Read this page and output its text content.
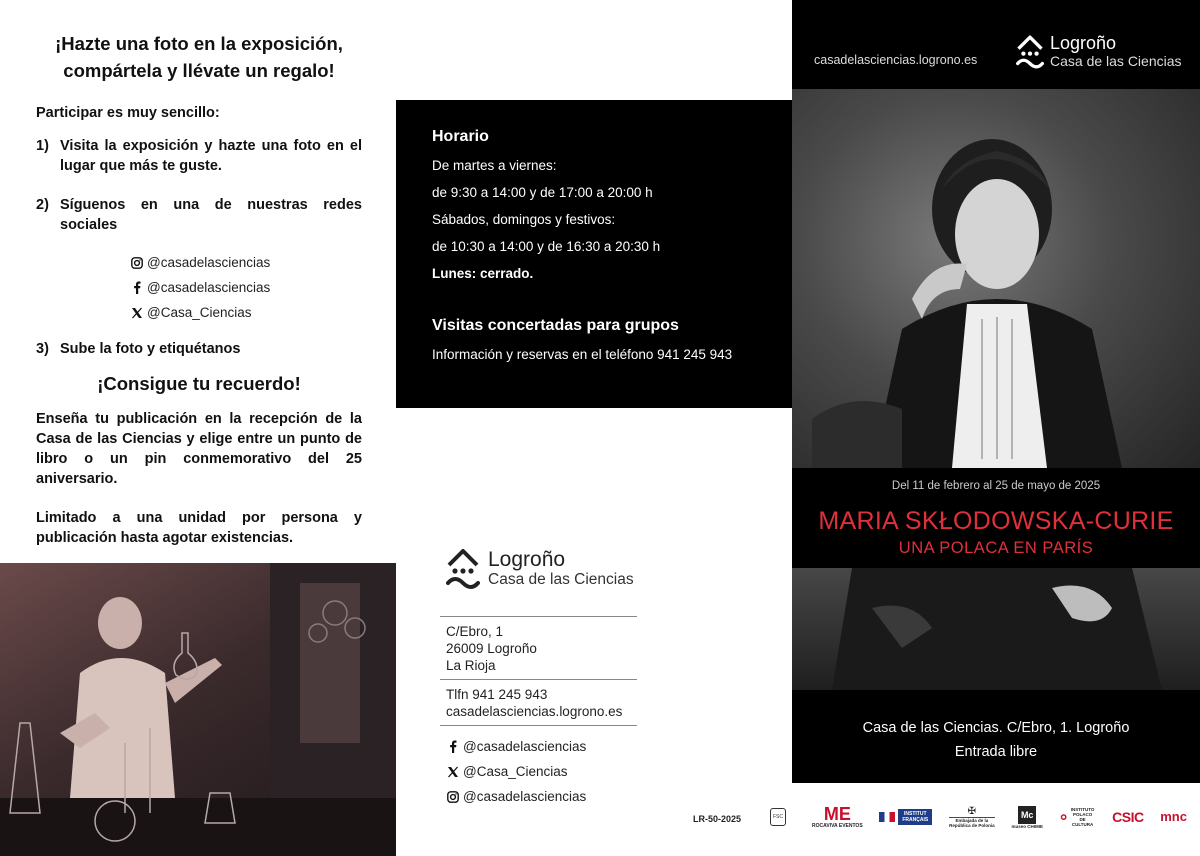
¡Hazte una foto en la exposición,
compártela y llévate un regalo!
Participar es muy sencillo:
1) Visita la exposición y hazte una foto en el lugar que más te guste.
2) Síguenos en una de nuestras redes sociales
@casadelasciencias
@casadelasciencias
@Casa_Ciencias
3) Sube la foto y etiquétanos
¡Consigue tu recuerdo!
Enseña tu publicación en la recepción de la Casa de las Ciencias y elige entre un punto de libro o un pin conmemorativo del 25 aniversario.
Limitado a una unidad por persona y publicación hasta agotar existencias.
Horario
De martes a viernes:
de 9:30 a 14:00 y de 17:00 a 20:00 h
Sábados, domingos y festivos:
de 10:30 a 14:00 y de 16:30 a 20:30 h
Lunes: cerrado.
Visitas concertadas para grupos
Información y reservas en el teléfono 941 245 943
Logroño
Casa de las Ciencias
C/Ebro, 1
26009 Logroño
La Rioja
Tlfn 941 245 943
casadelasciencias.logrono.es
@casadelasciencias
@Casa_Ciencias
@casadelasciencias
LR-50-2025	FSC
casadelasciencias.logrono.es
Logroño
Casa de las Ciencias
Del 11 de febrero al 25 de mayo de 2025
MARIA SKŁODOWSKA-CURIE
UNA POLACA EN PARÍS
Casa de las Ciencias. C/Ebro, 1. Logroño
Entrada libre
ME
ROCAVIVA EVENTOS
INSTITUT FRANÇAIS
✠
Embajada de la República de Polonia
Mc
museo CHIMIE
⸰ INSTITUTO POLACO DE CULTURA CSIC mnc
